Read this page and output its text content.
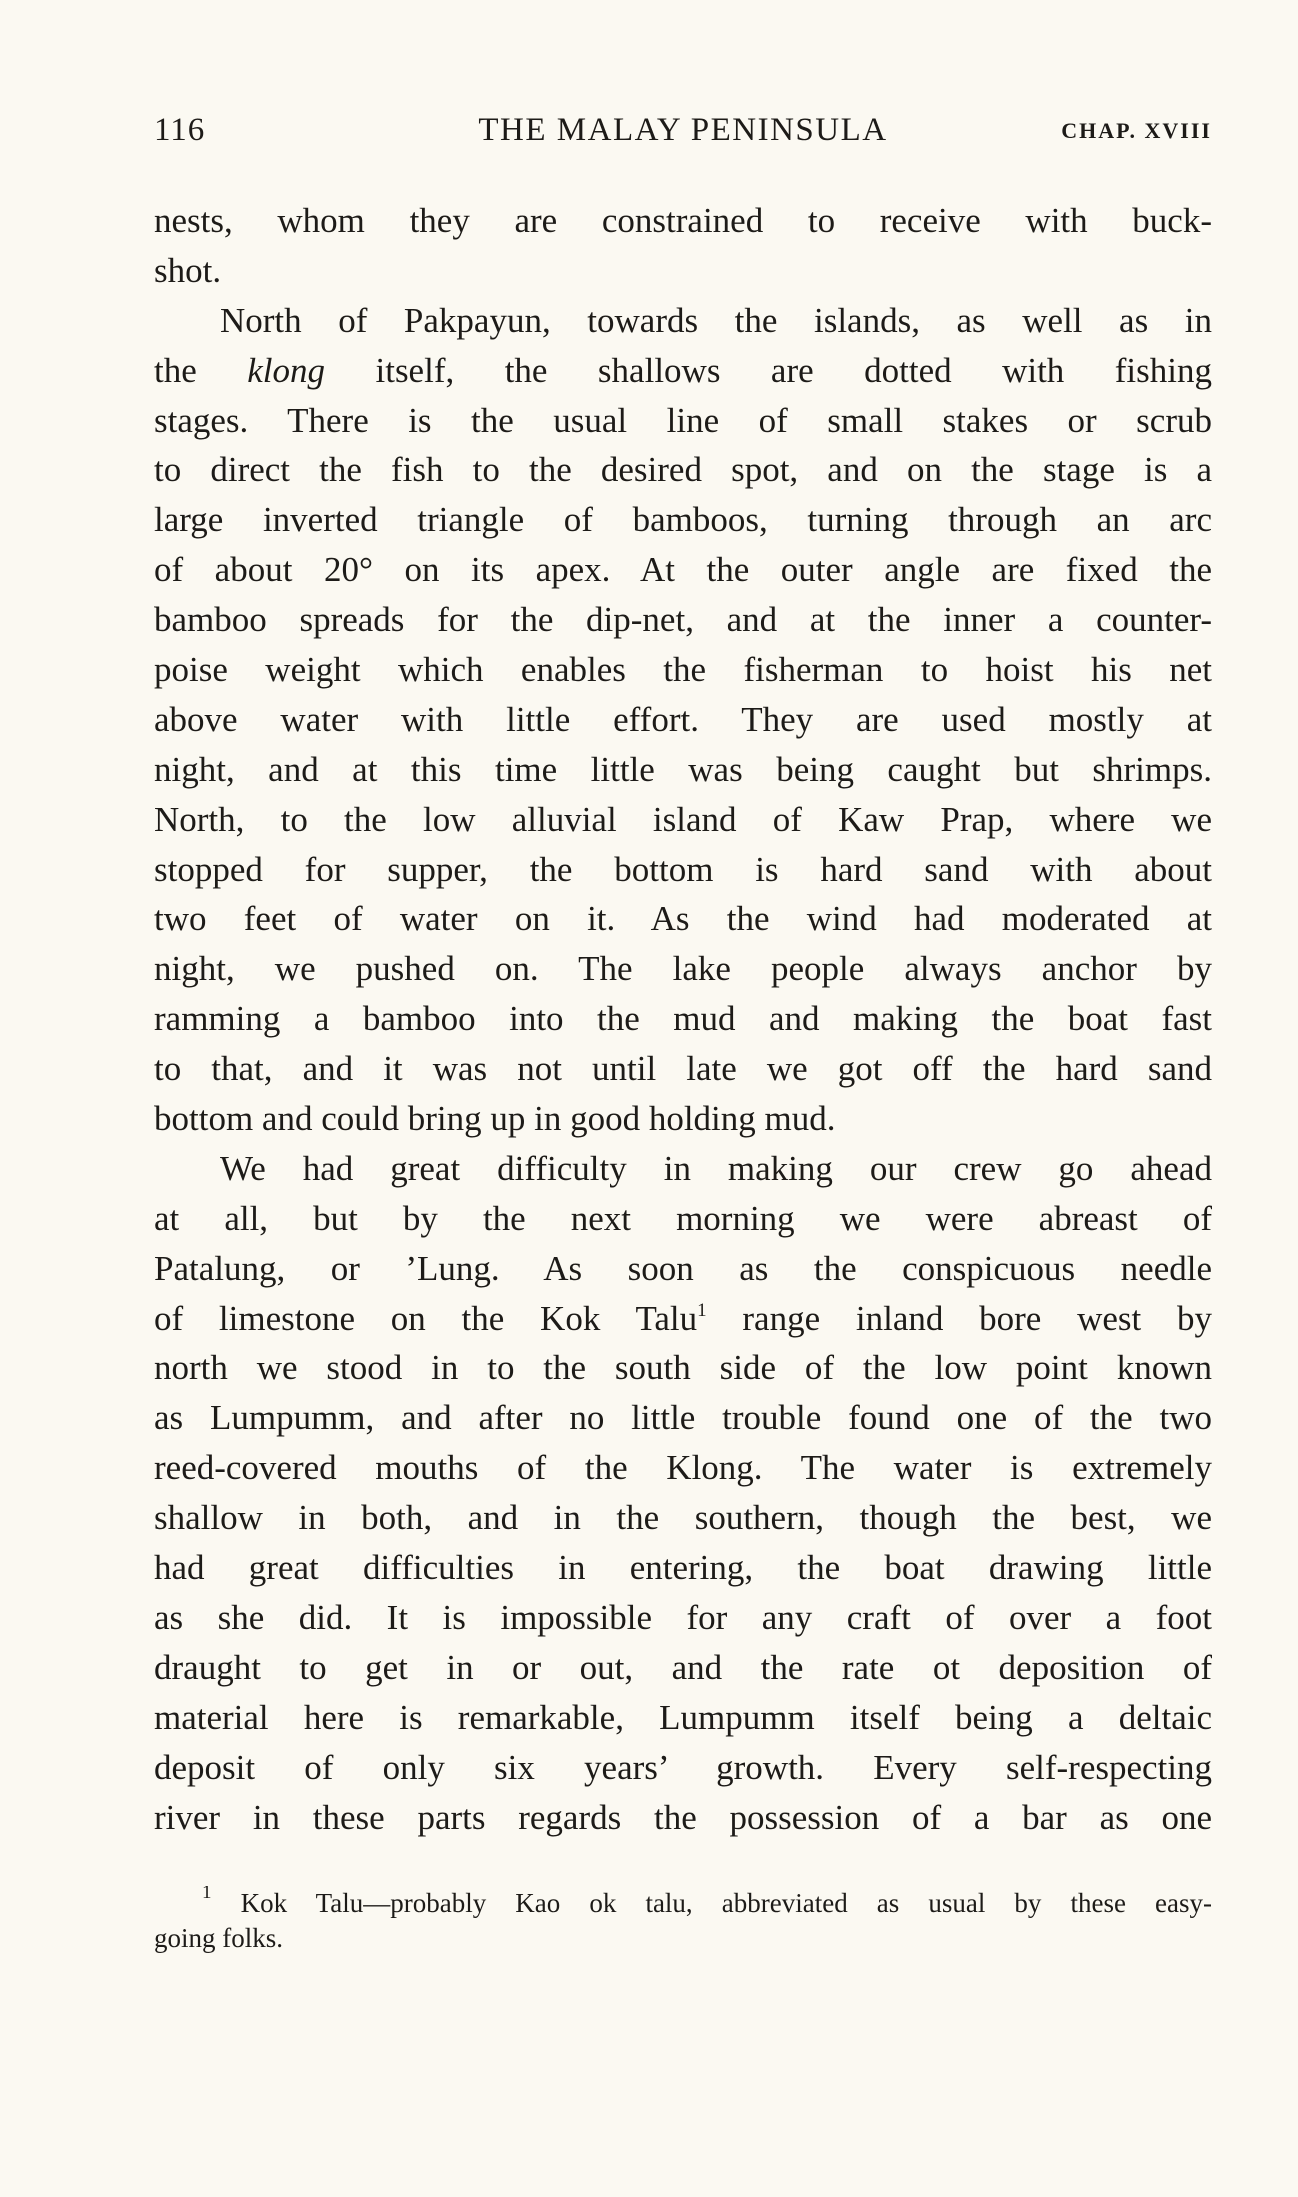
116	THE MALAY PENINSULA	CHAP. XVIII
nests, whom they are constrained to receive with buck-
shot.
North of Pakpayun, towards the islands, as well as in
the klong itself, the shallows are dotted with fishing
stages. There is the usual line of small stakes or scrub
to direct the fish to the desired spot, and on the stage is a
large inverted triangle of bamboos, turning through an arc
of about 20° on its apex. At the outer angle are fixed the
bamboo spreads for the dip-net, and at the inner a counter-
poise weight which enables the fisherman to hoist his net
above water with little effort. They are used mostly at
night, and at this time little was being caught but shrimps.
North, to the low alluvial island of Kaw Prap, where we
stopped for supper, the bottom is hard sand with about
two feet of water on it. As the wind had moderated at
night, we pushed on. The lake people always anchor by
ramming a bamboo into the mud and making the boat fast
to that, and it was not until late we got off the hard sand
bottom and could bring up in good holding mud.
We had great difficulty in making our crew go ahead
at all, but by the next morning we were abreast of
Patalung, or ’Lung. As soon as the conspicuous needle
of limestone on the Kok Talu$^1$ range inland bore west by
north we stood in to the south side of the low point known
as Lumpumm, and after no little trouble found one of the two
reed-covered mouths of the Klong. The water is extremely
shallow in both, and in the southern, though the best, we
had great difficulties in entering, the boat drawing little
as she did. It is impossible for any craft of over a foot
draught to get in or out, and the rate ot deposition of
material here is remarkable, Lumpumm itself being a deltaic
deposit of only six years’ growth. Every self-respecting
river in these parts regards the possession of a bar as one
$^1$ Kok Talu—probably Kao ok talu, abbreviated as usual by these easy-
going folks.
